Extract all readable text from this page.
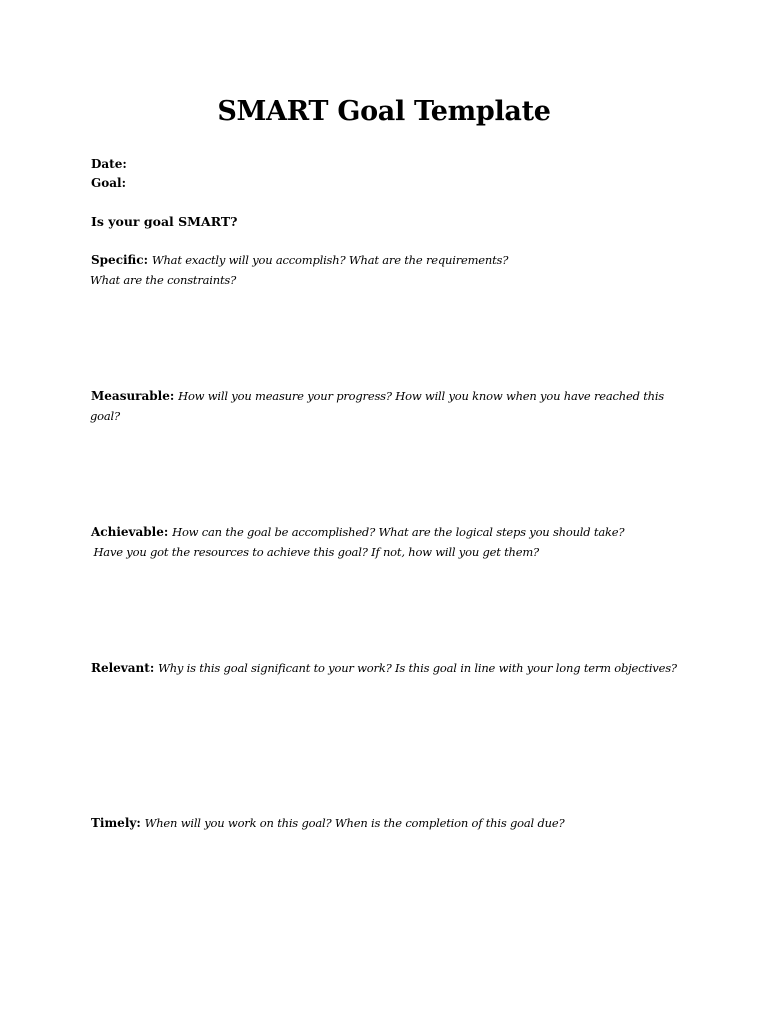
SMART Goal Template
Date:
Goal:
Is your goal SMART?
Specific: What exactly will you accomplish? What are the requirements?
What are the constraints?
Measurable: How will you measure your progress? How will you know when you have reached this
goal?
Achievable: How can the goal be accomplished? What are the logical steps you should take?
Have you got the resources to achieve this goal? If not, how will you get them?
Relevant: Why is this goal significant to your work? Is this goal in line with your long term objectives?
Timely: When will you work on this goal? When is the completion of this goal due?
